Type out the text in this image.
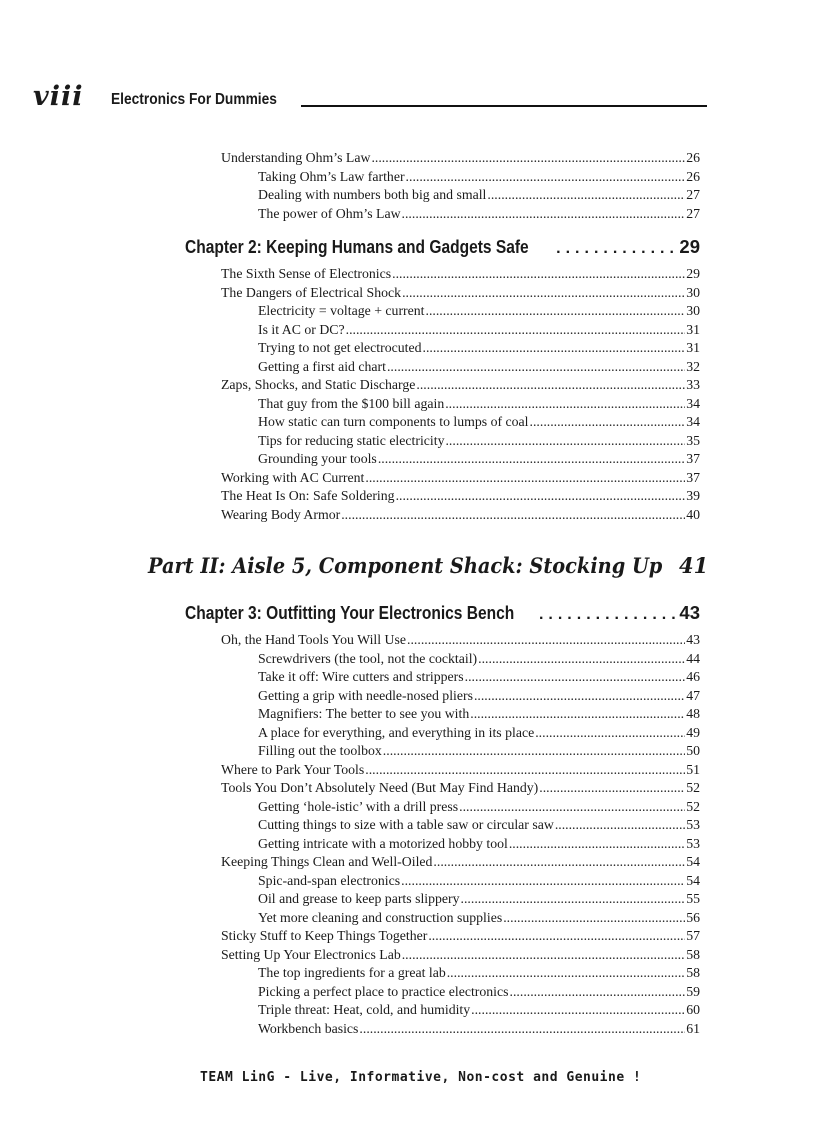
viii Electronics For Dummies
Understanding Ohm’s Law .....	26
Taking Ohm’s Law farther .....	26
Dealing with numbers both big and small .....	27
The power of Ohm’s Law .....	27
Chapter 2: Keeping Humans and Gadgets Safe .....	29
The Sixth Sense of Electronics .....	29
The Dangers of Electrical Shock .....	30
Electricity = voltage + current .....	30
Is it AC or DC? .....	31
Trying to not get electrocuted .....	31
Getting a first aid chart .....	32
Zaps, Shocks, and Static Discharge .....	33
That guy from the $100 bill again .....	34
How static can turn components to lumps of coal .....	34
Tips for reducing static electricity .....	35
Grounding your tools .....	37
Working with AC Current .....	37
The Heat Is On: Safe Soldering .....	39
Wearing Body Armor .....	40
Part II: Aisle 5, Component Shack: Stocking Up 41
Chapter 3: Outfitting Your Electronics Bench .....	43
Oh, the Hand Tools You Will Use .....	43
Screwdrivers (the tool, not the cocktail) .....	44
Take it off: Wire cutters and strippers .....	46
Getting a grip with needle-nosed pliers .....	47
Magnifiers: The better to see you with .....	48
A place for everything, and everything in its place .....	49
Filling out the toolbox .....	50
Where to Park Your Tools .....	51
Tools You Don’t Absolutely Need (But May Find Handy) .....	52
Getting ‘hole-istic’ with a drill press .....	52
Cutting things to size with a table saw or circular saw .....	53
Getting intricate with a motorized hobby tool .....	53
Keeping Things Clean and Well-Oiled .....	54
Spic-and-span electronics .....	54
Oil and grease to keep parts slippery .....	55
Yet more cleaning and construction supplies .....	56
Sticky Stuff to Keep Things Together .....	57
Setting Up Your Electronics Lab .....	58
The top ingredients for a great lab .....	58
Picking a perfect place to practice electronics .....	59
Triple threat: Heat, cold, and humidity .....	60
Workbench basics .....	61
TEAM LinG - Live, Informative, Non-cost and Genuine !
